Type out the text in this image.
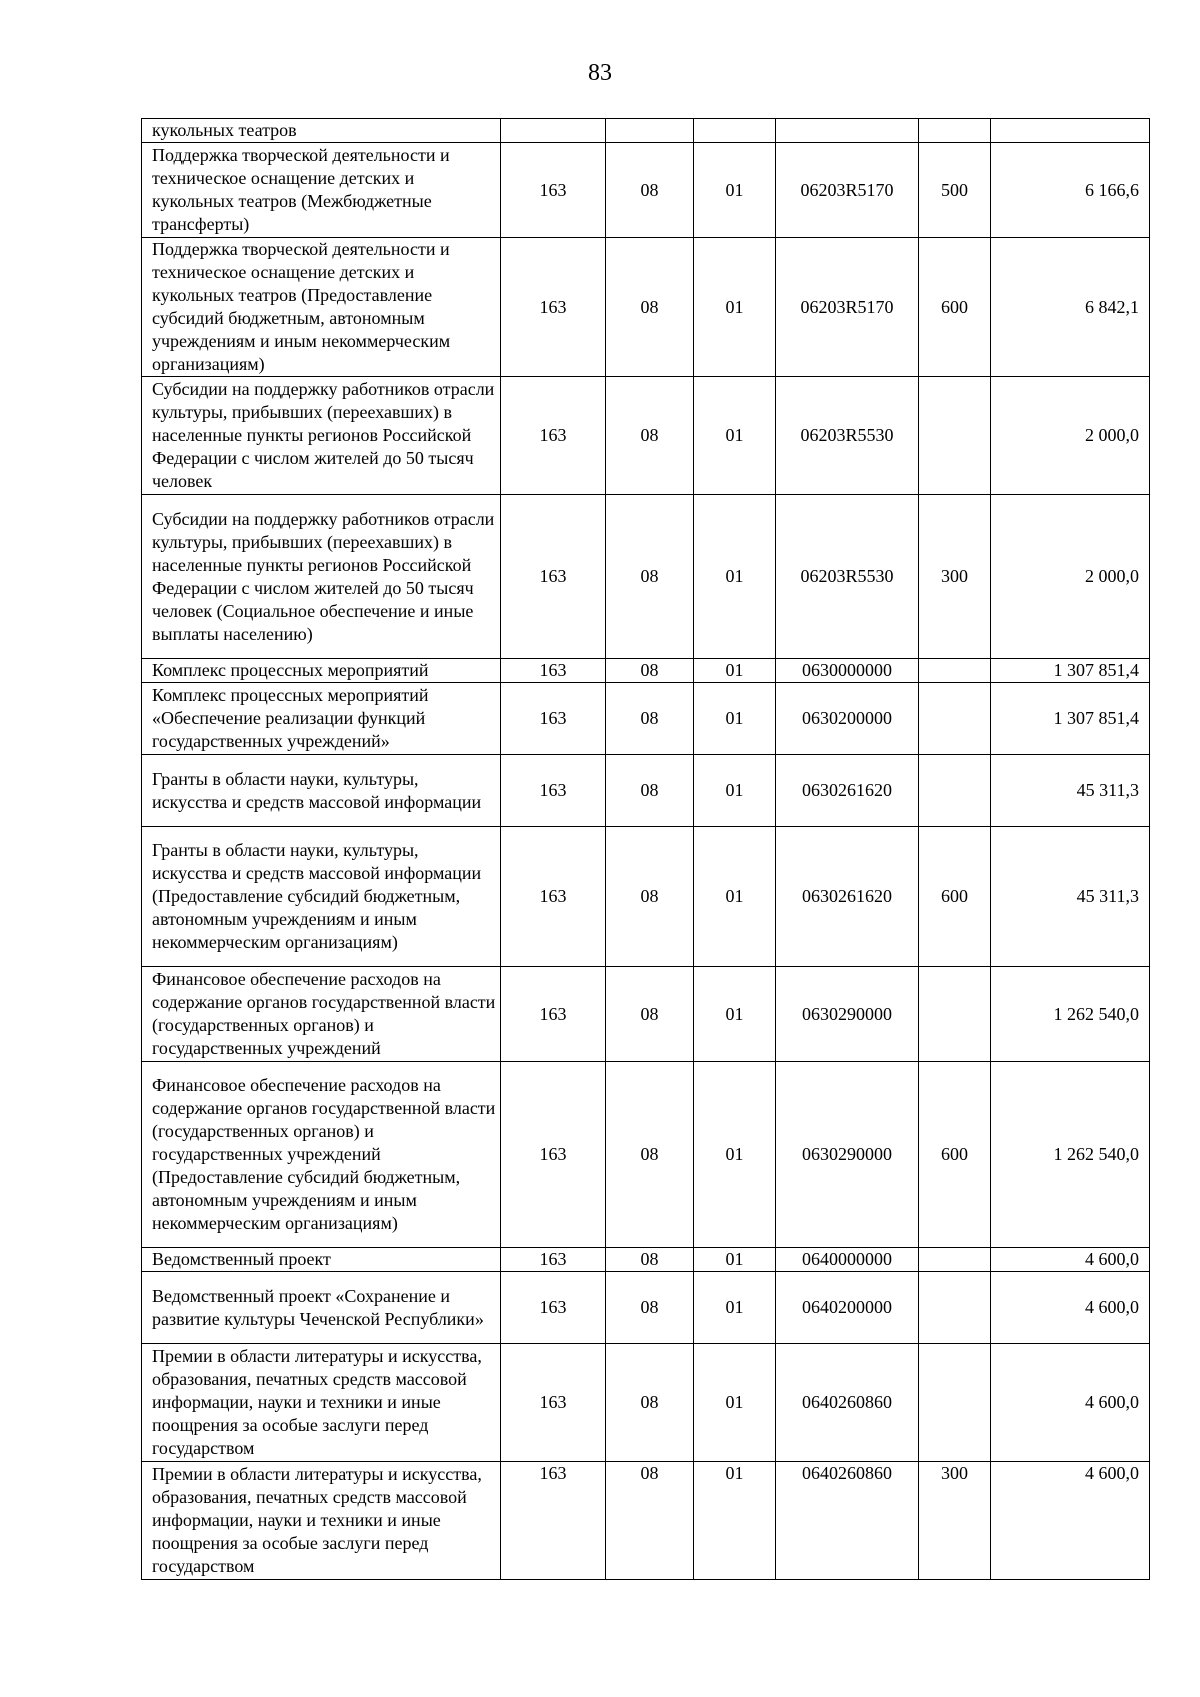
83
кукольных театров						
Поддержка творческой деятельности и техническое оснащение детских и кукольных театров (Межбюджетные трансферты)	163	08	01	06203R5170	500	6 166,6
Поддержка творческой деятельности и техническое оснащение детских и кукольных театров (Предоставление субсидий бюджетным, автономным учреждениям и иным некоммерческим организациям)	163	08	01	06203R5170	600	6 842,1
Субсидии на поддержку работников отрасли культуры, прибывших (переехавших) в населенные пункты регионов Российской Федерации с числом жителей до 50 тысяч человек	163	08	01	06203R5530		2 000,0
Субсидии на поддержку работников отрасли культуры, прибывших (переехавших) в населенные пункты регионов Российской Федерации с числом жителей до 50 тысяч человек (Социальное обеспечение и иные выплаты населению)	163	08	01	06203R5530	300	2 000,0
Комплекс процессных мероприятий	163	08	01	0630000000		1 307 851,4
Комплекс процессных мероприятий «Обеспечение реализации функций государственных учреждений»	163	08	01	0630200000		1 307 851,4
Гранты в области науки, культуры, искусства и средств массовой информации	163	08	01	0630261620		45 311,3
Гранты в области науки, культуры, искусства и средств массовой информации (Предоставление субсидий бюджетным, автономным учреждениям и иным некоммерческим организациям)	163	08	01	0630261620	600	45 311,3
Финансовое обеспечение расходов на содержание органов государственной власти (государственных органов) и государственных учреждений	163	08	01	0630290000		1 262 540,0
Финансовое обеспечение расходов на содержание органов государственной власти (государственных органов) и государственных учреждений (Предоставление субсидий бюджетным, автономным учреждениям и иным некоммерческим организациям)	163	08	01	0630290000	600	1 262 540,0
Ведомственный проект	163	08	01	0640000000		4 600,0
Ведомственный проект «Сохранение и развитие культуры Чеченской Республики»	163	08	01	0640200000		4 600,0
Премии в области литературы и искусства, образования, печатных средств массовой информации, науки и техники и иные поощрения за особые заслуги перед государством	163	08	01	0640260860		4 600,0
Премии в области литературы и искусства, образования, печатных средств массовой информации, науки и техники и иные поощрения за особые заслуги перед государством	163	08	01	0640260860	300	4 600,0
